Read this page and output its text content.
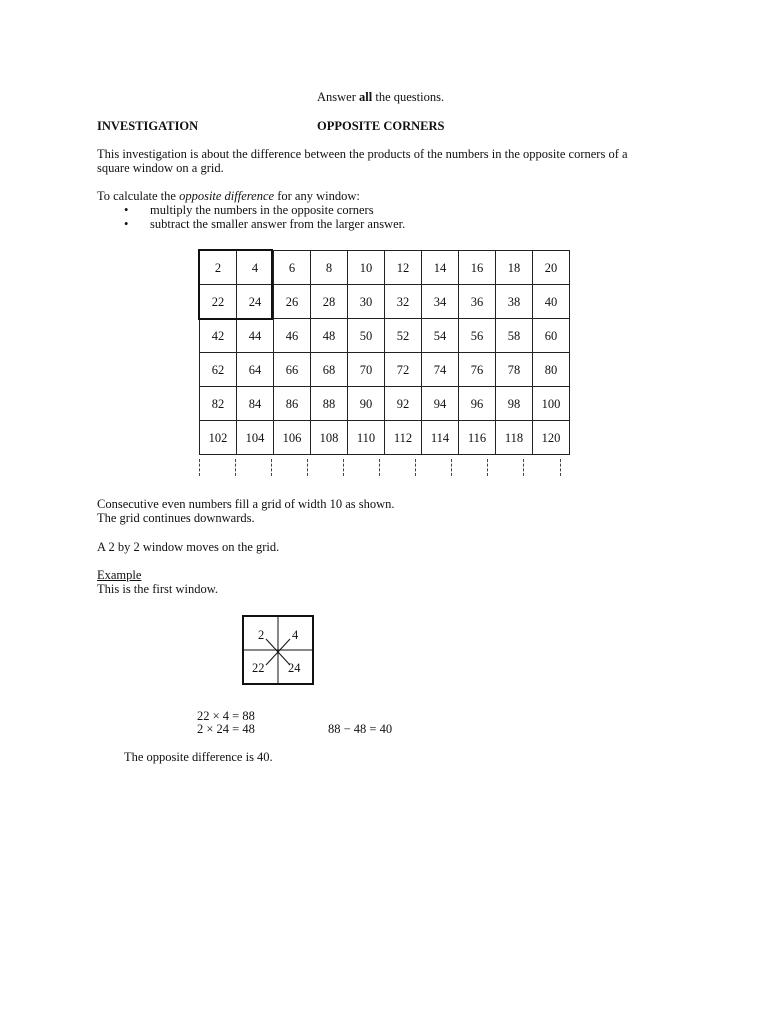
Answer all the questions.
INVESTIGATION	OPPOSITE CORNERS
This investigation is about the difference between the products of the numbers in the opposite corners of a
square window on a grid.
To calculate the opposite difference for any window:
• multiply the numbers in the opposite corners
• subtract the smaller answer from the larger answer.
2	4	6	8	10	12	14	16	18	20
22	24	26	28	30	32	34	36	38	40
42	44	46	48	50	52	54	56	58	60
62	64	66	68	70	72	74	76	78	80
82	84	86	88	90	92	94	96	98	100
102	104	106	108	110	112	114	116	118	120
Consecutive even numbers fill a grid of width 10 as shown.
The grid continues downwards.
A 2 by 2 window moves on the grid.
Example
This is the first window.
2 4
22 24
22 × 4 = 88
2 × 24 = 48	88 − 48 = 40
The opposite difference is 40.
